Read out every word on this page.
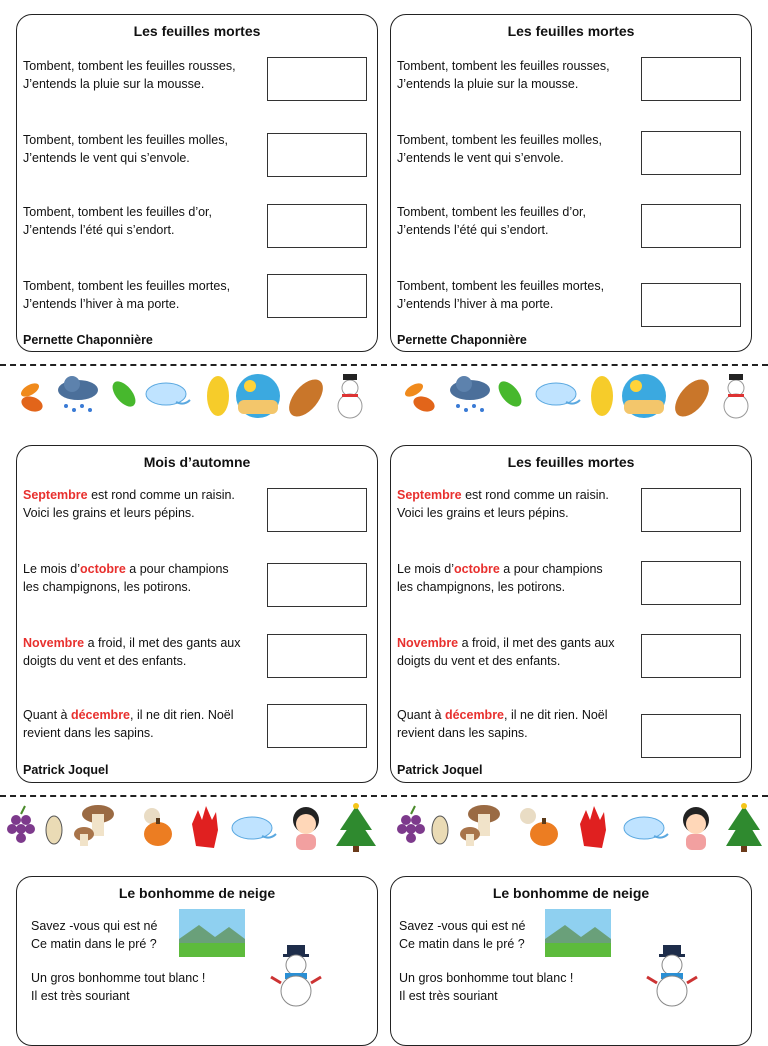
Les feuilles mortes
Tombent, tombent les feuilles rousses,
J’entends la pluie sur la mousse.
Tombent, tombent les feuilles molles,
J’entends le vent qui s’envole.
Tombent, tombent les feuilles d’or,
J’entends l’été qui s’endort.
Tombent, tombent les feuilles mortes,
J’entends l’hiver à ma porte.
Pernette Chaponnière
Les feuilles mortes
Tombent, tombent les feuilles rousses,
J’entends la pluie sur la mousse.
Tombent, tombent les feuilles molles,
J’entends le vent qui s’envole.
Tombent, tombent les feuilles d’or,
J’entends l’été qui s’endort.
Tombent, tombent les feuilles mortes,
J’entends l’hiver à ma porte.
Pernette Chaponnière
Mois d’automne
Septembre est rond comme un raisin.
Voici les grains et leurs pépins.
Le mois d’octobre a pour champions
les champignons, les potirons.
Novembre a froid, il met des gants aux
doigts du vent et des enfants.
Quant à décembre, il ne dit rien. Noël
revient dans les sapins.
Patrick Joquel
Les feuilles mortes
Septembre est rond comme un raisin.
Voici les grains et leurs pépins.
Le mois d’octobre a pour champions
les champignons, les potirons.
Novembre a froid, il met des gants aux
doigts du vent et des enfants.
Quant à décembre, il ne dit rien. Noël
revient dans les sapins.
Patrick Joquel
Le bonhomme de neige
Savez -vous qui est né
Ce matin dans le pré ?
Un gros bonhomme tout blanc !
Il est très souriant
Le bonhomme de neige
Savez -vous qui est né
Ce matin dans le pré ?
Un gros bonhomme tout blanc !
Il est très souriant
